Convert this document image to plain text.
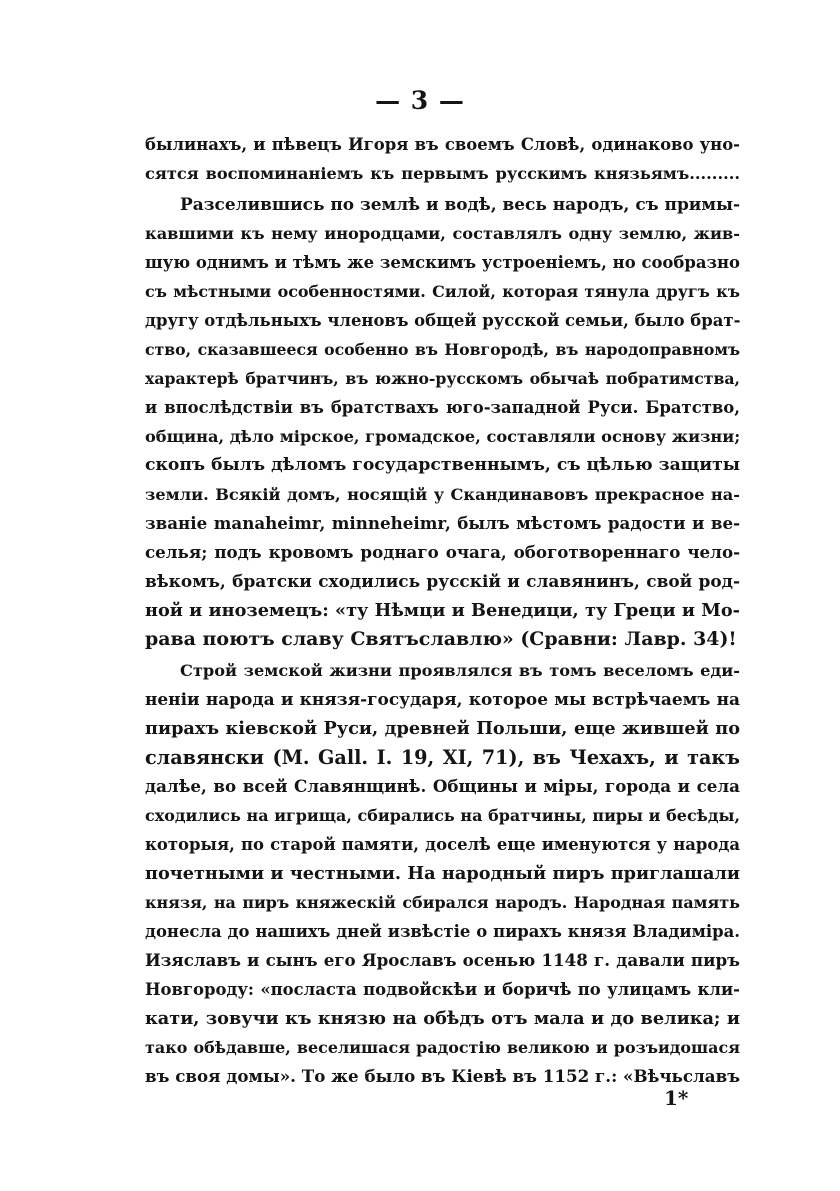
— 3 —
былинахъ, и пѣвецъ Игоря въ своемъ Словѣ, одинаково уно-
сятся воспоминаніемъ къ первымъ русскимъ князьямъ.........
Разселившись по землѣ и водѣ, весь народъ, съ примы-
кавшими къ нему инородцами, составлялъ одну землю, жив-
шую однимъ и тѣмъ же земскимъ устроеніемъ, но сообразно
съ мѣстными особенностями. Силой, которая тянула другъ къ
другу отдѣльныхъ членовъ общей русской семьи, было брат-
ство, сказавшееся особенно въ Новгородѣ, въ народоправномъ
характерѣ братчинъ, въ южно-русскомъ обычаѣ побратимства,
и впослѣдствіи въ братствахъ юго-западной Руси. Братство,
община, дѣло мірское, громадское, составляли основу жизни;
скопъ былъ дѣломъ государственнымъ, съ цѣлью защиты
земли. Всякій домъ, носящій у Скандинавовъ прекрасное на-
званіе manaheimr, minneheimr, былъ мѣстомъ радости и ве-
селья; подъ кровомъ роднаго очага, обоготвореннаго чело-
вѣкомъ, братски сходились русскій и славянинъ, свой род-
ной и иноземецъ: «ту Нѣмци и Венедици, ту Греци и Мо-
рава поютъ славу Святъславлю» (Сравни: Лавр. 34)!
Строй земской жизни проявлялся въ томъ веселомъ еди-
неніи народа и князя-государя, которое мы встрѣчаемъ на
пирахъ кіевской Руси, древней Польши, еще жившей по
славянски (M. Gall. I. 19, XI, 71), въ Чехахъ, и такъ
далѣе, во всей Славянщинѣ. Общины и міры, города и села
сходились на игрища, сбирались на братчины, пиры и бесѣды,
которыя, по старой памяти, доселѣ еще именуются у народа
почетными и честными. На народный пиръ приглашали
князя, на пиръ княжескій сбирался народъ. Народная память
донесла до нашихъ дней извѣстіе о пирахъ князя Владиміра.
Изяславъ и сынъ его Ярославъ осенью 1148 г. давали пиръ
Новгороду: «посласта подвойскѣи и боричѣ по улицамъ кли-
кати, зовучи къ князю на обѣдъ отъ мала и до велика; и
тако обѣдавше, веселишася радостію великою и розъидошася
въ своя домы». То же было въ Кіевѣ въ 1152 г.: «Вѣчьславъ
1*
